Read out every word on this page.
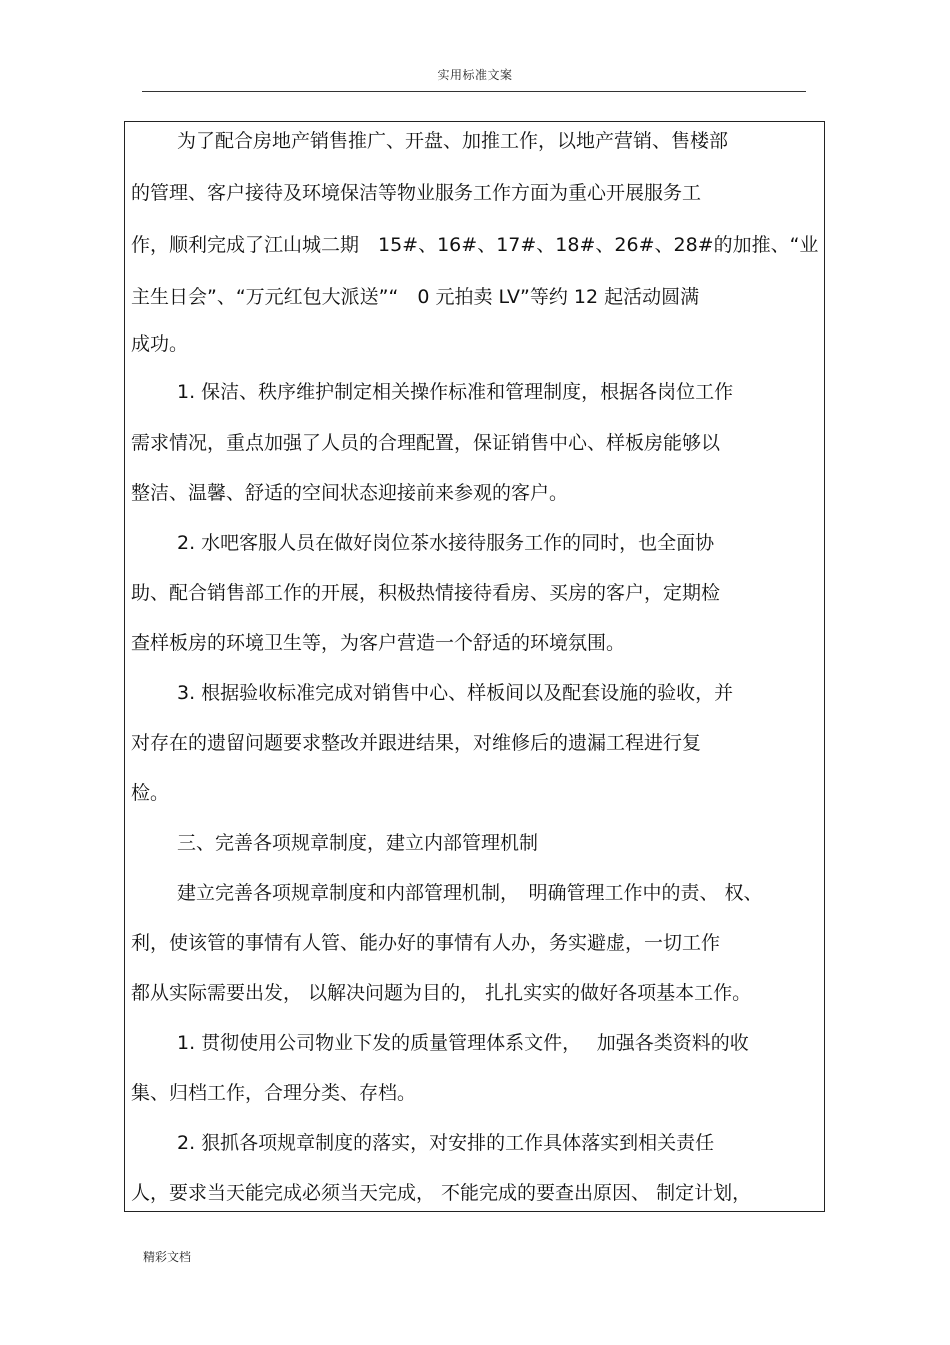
实用标准文案
为了配合房地产销售推广、开盘、加推工作，以地产营销、售楼部
的管理、客户接待及环境保洁等物业服务工作方面为重心开展服务工
作，顺利完成了江山城二期　15#、16#、17#、18#、26#、28#的加推、“业
主生日会”、“万元红包大派送”“　0 元拍卖 LV”等约 12 起活动圆满
成功。
1. 保洁、秩序维护制定相关操作标准和管理制度，根据各岗位工作
需求情况，重点加强了人员的合理配置，保证销售中心、样板房能够以
整洁、温馨、舒适的空间状态迎接前来参观的客户。
2. 水吧客服人员在做好岗位茶水接待服务工作的同时，也全面协
助、配合销售部工作的开展，积极热情接待看房、买房的客户，定期检
查样板房的环境卫生等，为客户营造一个舒适的环境氛围。
3. 根据验收标准完成对销售中心、样板间以及配套设施的验收，并
对存在的遗留问题要求整改并跟进结果，对维修后的遗漏工程进行复
检。
三、完善各项规章制度，建立内部管理机制
建立完善各项规章制度和内部管理机制，　明确管理工作中的责、 权、
利，使该管的事情有人管、能办好的事情有人办，务实避虚，一切工作
都从实际需要出发， 以解决问题为目的， 扎扎实实的做好各项基本工作。
1. 贯彻使用公司物业下发的质量管理体系文件，　 加强各类资料的收
集、归档工作，合理分类、存档。
2. 狠抓各项规章制度的落实，对安排的工作具体落实到相关责任
人，要求当天能完成必须当天完成， 不能完成的要查出原因、 制定计划，
精彩文档
